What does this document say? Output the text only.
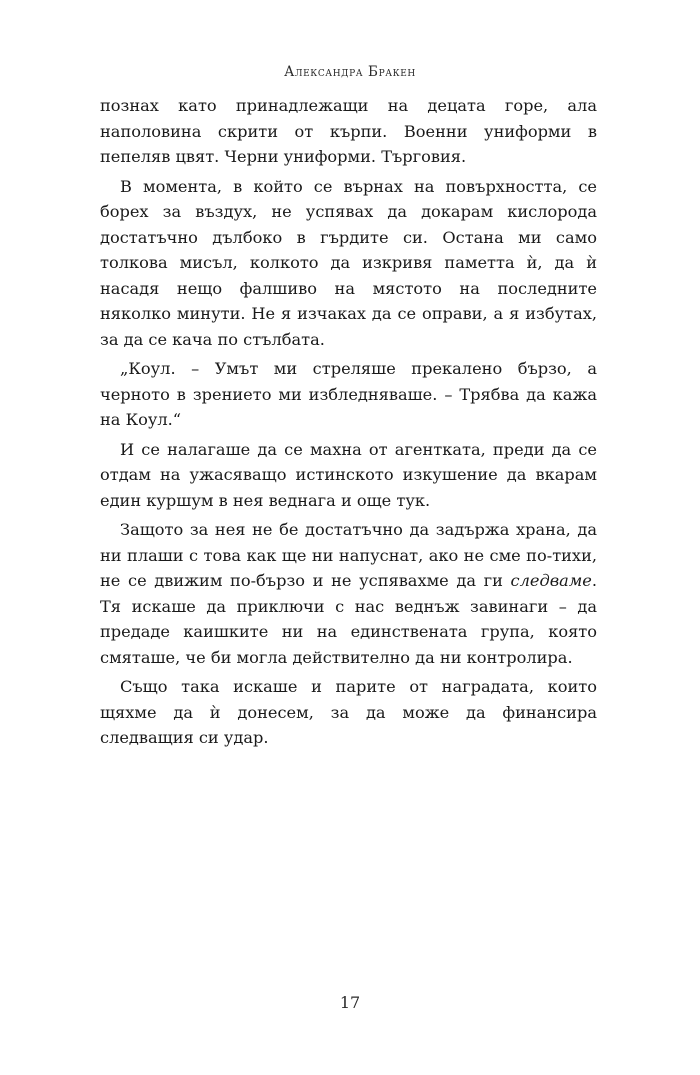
Александра Бракен

познах като принадлежащи на децата горе, ала наполовина скрити от кърпи. Военни униформи в пепеляв цвят. Черни униформи. Търговия.

В момента, в който се върнах на повърхността, се борех за въздух, не успявах да докарам кислорода достатъчно дълбоко в гърдите си. Остана ми само толкова мисъл, колкото да изкривя паметта ѝ, да ѝ насадя нещо фалшиво на мястото на последните няколко минути. Не я изчаках да се оправи, а я избутах, за да се кача по стълбата.

„Коул. – Умът ми стреляше прекалено бързо, а черното в зрението ми избледняваше. – Трябва да кажа на Коул.“

И се налагаше да се махна от агентката, преди да се отдам на ужасяващо истинското изкушение да вкарам един куршум в нея веднага и още тук.

Защото за нея не бе достатъчно да задържа храна, да ни плаши с това как ще ни напуснат, ако не сме по-тихи, не се движим по-бързо и не успявахме да ги следваме. Тя искаше да приключи с нас веднъж завинаги – да предаде каишките ни на единствената група, която смяташе, че би могла действително да ни контролира.

Също така искаше и парите от наградата, които щяхме да ѝ донесем, за да може да финансира следващия си удар.

17
